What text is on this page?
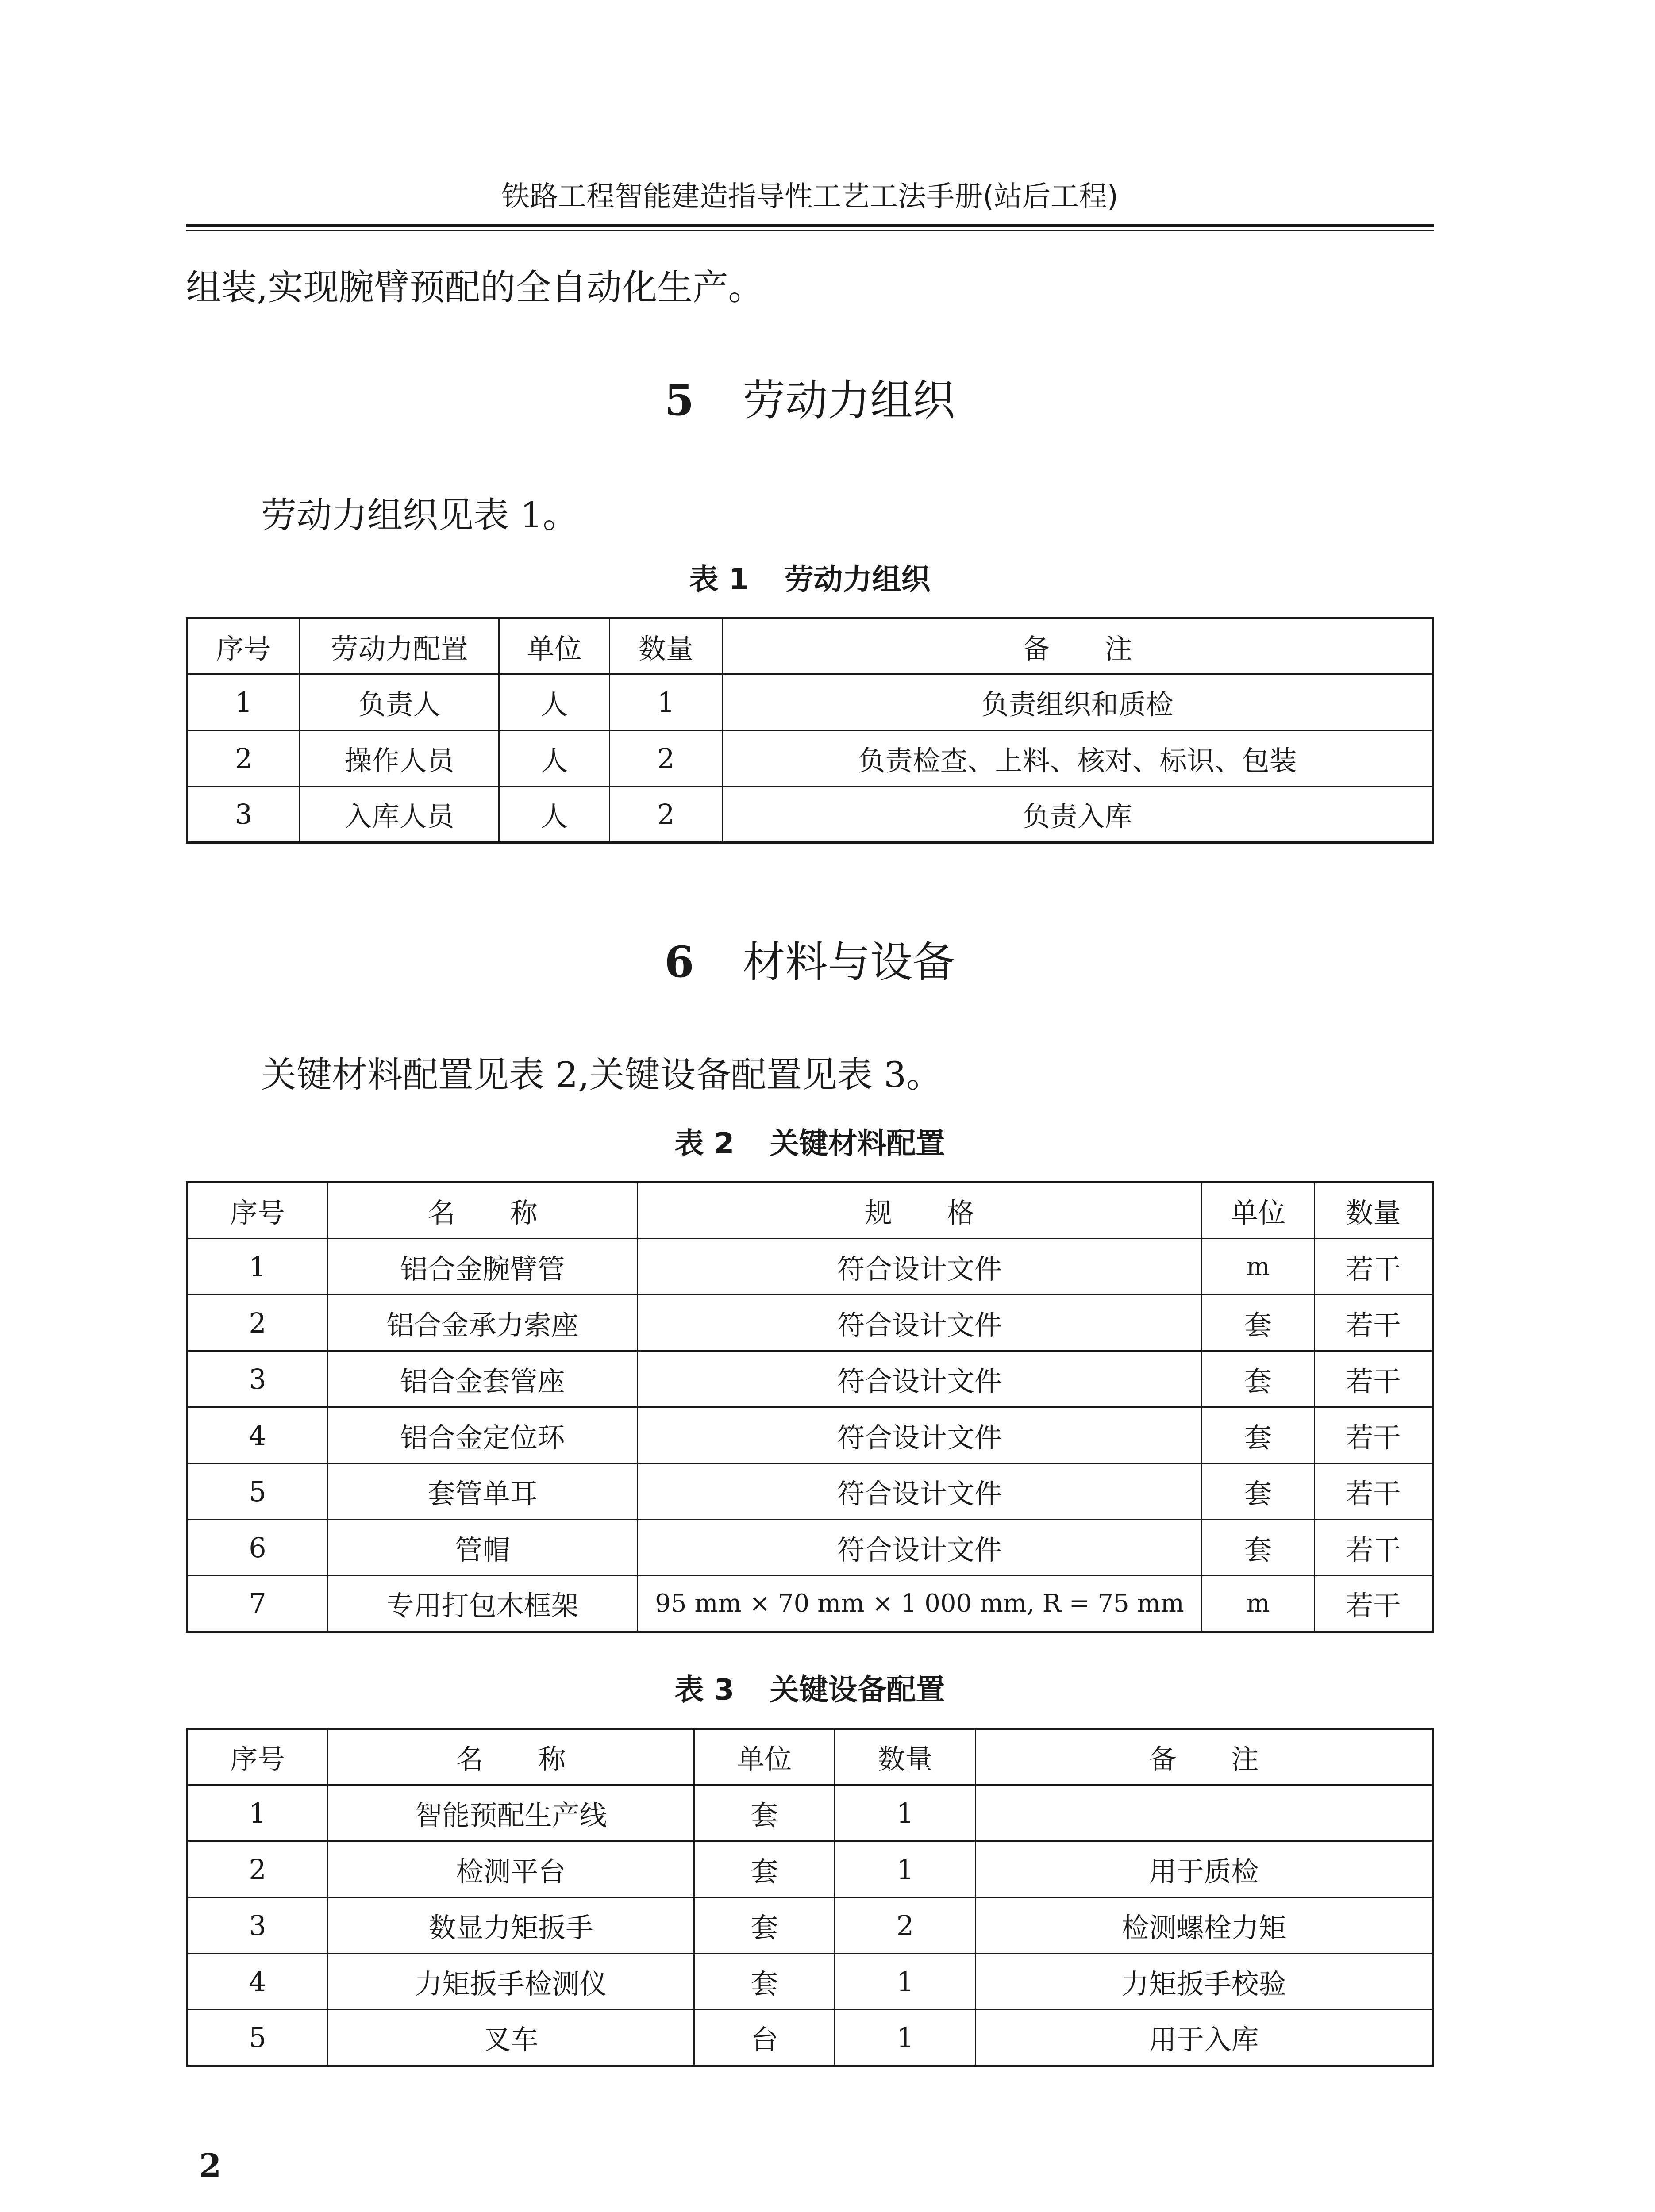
铁路工程智能建造指导性工艺工法手册(站后工程)
组装,实现腕臂预配的全自动化生产。
5 劳动力组织
劳动力组织见表 1。
表 1 劳动力组织
序号	劳动力配置	单位	数量	备　　注
1	负责人	人	1	负责组织和质检
2	操作人员	人	2	负责检查、上料、核对、标识、包装
3	入库人员	人	2	负责入库
6 材料与设备
关键材料配置见表 2,关键设备配置见表 3。
表 2 关键材料配置
序号	名　　称	规　　格	单位	数量
1	铝合金腕臂管	符合设计文件	m	若干
2	铝合金承力索座	符合设计文件	套	若干
3	铝合金套管座	符合设计文件	套	若干
4	铝合金定位环	符合设计文件	套	若干
5	套管单耳	符合设计文件	套	若干
6	管帽	符合设计文件	套	若干
7	专用打包木框架	95 mm × 70 mm × 1 000 mm, R = 75 mm	m	若干
表 3 关键设备配置
序号	名　　称	单位	数量	备　　注
1	智能预配生产线	套	1	
2	检测平台	套	1	用于质检
3	数显力矩扳手	套	2	检测螺栓力矩
4	力矩扳手检测仪	套	1	力矩扳手校验
5	叉车	台	1	用于入库
2
